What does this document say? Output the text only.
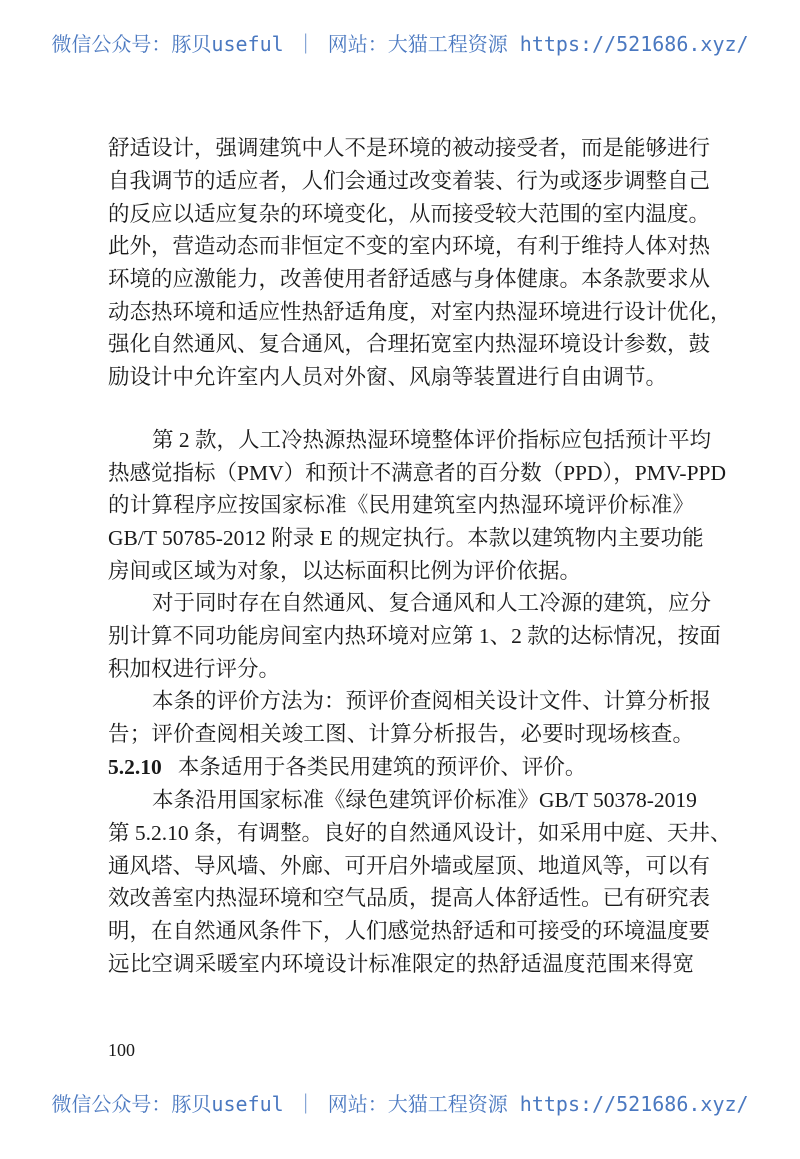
微信公众号：豚贝useful ｜ 网站：大猫工程资源 https://521686.xyz/
舒适设计，强调建筑中人不是环境的被动接受者，而是能够进行
自我调节的适应者，人们会通过改变着装、行为或逐步调整自己
的反应以适应复杂的环境变化，从而接受较大范围的室内温度。
此外，营造动态而非恒定不变的室内环境，有利于维持人体对热
环境的应激能力，改善使用者舒适感与身体健康。本条款要求从
动态热环境和适应性热舒适角度，对室内热湿环境进行设计优化，
强化自然通风、复合通风，合理拓宽室内热湿环境设计参数，鼓
励设计中允许室内人员对外窗、风扇等装置进行自由调节。
第 2 款，人工冷热源热湿环境整体评价指标应包括预计平均
热感觉指标（PMV）和预计不满意者的百分数（PPD），PMV-PPD
的计算程序应按国家标准《民用建筑室内热湿环境评价标准》
GB/T 50785-2012 附录 E 的规定执行。本款以建筑物内主要功能
房间或区域为对象，以达标面积比例为评价依据。
对于同时存在自然通风、复合通风和人工冷源的建筑，应分
别计算不同功能房间室内热环境对应第 1、2 款的达标情况，按面
积加权进行评分。
本条的评价方法为：预评价查阅相关设计文件、计算分析报
告；评价查阅相关竣工图、计算分析报告，必要时现场核查。
本条沿用国家标准《绿色建筑评价标准》GB/T 50378-2019
第 5.2.10 条，有调整。良好的自然通风设计，如采用中庭、天井、
通风塔、导风墙、外廊、可开启外墙或屋顶、地道风等，可以有
效改善室内热湿环境和空气品质，提高人体舒适性。已有研究表
明，在自然通风条件下，人们感觉热舒适和可接受的环境温度要
远比空调采暖室内环境设计标准限定的热舒适温度范围来得宽
5.2.10 本条适用于各类民用建筑的预评价、评价。
100
微信公众号：豚贝useful ｜ 网站：大猫工程资源 https://521686.xyz/
